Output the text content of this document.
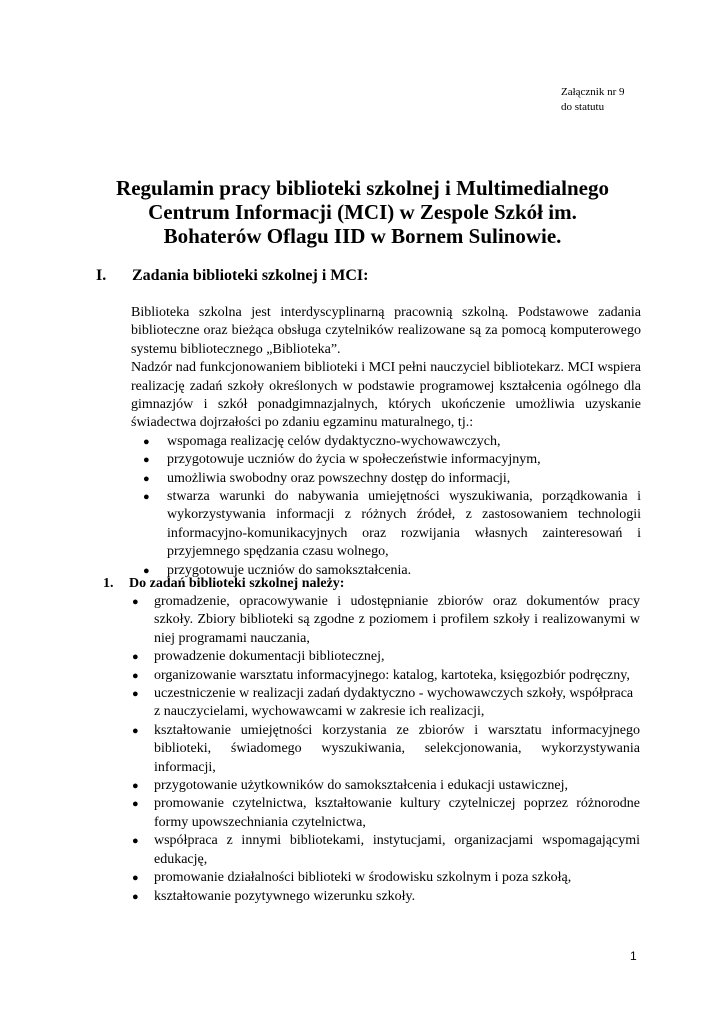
Załącznik nr 9
do statutu
Regulamin pracy biblioteki szkolnej i Multimedialnego
Centrum Informacji (MCI) w Zespole Szkół im.
Bohaterów Oflagu IID w Bornem Sulinowie.
I. Zadania biblioteki szkolnej i MCI:

Biblioteka szkolna jest interdyscyplinarną pracownią szkolną. Podstawowe zadania biblioteczne oraz bieżąca obsługa czytelników realizowane są za pomocą komputerowego systemu bibliotecznego „Biblioteka”.

Nadzór nad funkcjonowaniem biblioteki i MCI pełni nauczyciel bibliotekarz. MCI wspiera realizację zadań szkoły określonych w podstawie programowej kształcenia ogólnego dla gimnazjów i szkół ponadgimnazjalnych, których ukończenie umożliwia uzyskanie świadectwa dojrzałości po zdaniu egzaminu maturalnego, tj.:

● wspomaga realizację celów dydaktyczno-wychowawczych,
● przygotowuje uczniów do życia w społeczeństwie informacyjnym,
● umożliwia swobodny oraz powszechny dostęp do informacji,
● stwarza warunki do nabywania umiejętności wyszukiwania, porządkowania i wykorzystywania informacji z różnych źródeł, z zastosowaniem technologii informacyjno-komunikacyjnych oraz rozwijania własnych zainteresowań i przyjemnego spędzania czasu wolnego,
● przygotowuje uczniów do samokształcenia.
1. Do zadań biblioteki szkolnej należy:
● gromadzenie, opracowywanie i udostępnianie zbiorów oraz dokumentów pracy szkoły. Zbiory biblioteki są zgodne z poziomem i profilem szkoły i realizowanymi w niej programami nauczania,
● prowadzenie dokumentacji bibliotecznej,
● organizowanie warsztatu informacyjnego: katalog, kartoteka, księgozbiór podręczny,
● uczestniczenie w realizacji zadań dydaktyczno - wychowawczych szkoły, współpraca
z nauczycielami, wychowawcami w zakresie ich realizacji,
● kształtowanie umiejętności korzystania ze zbiorów i warsztatu informacyjnego biblioteki, świadomego wyszukiwania, selekcjonowania, wykorzystywania informacji,
● przygotowanie użytkowników do samokształcenia i edukacji ustawicznej,
● promowanie czytelnictwa, kształtowanie kultury czytelniczej poprzez różnorodne formy upowszechniania czytelnictwa,
● współpraca z innymi bibliotekami, instytucjami, organizacjami wspomagającymi edukację,
● promowanie działalności biblioteki w środowisku szkolnym i poza szkołą,
● kształtowanie pozytywnego wizerunku szkoły.
1
